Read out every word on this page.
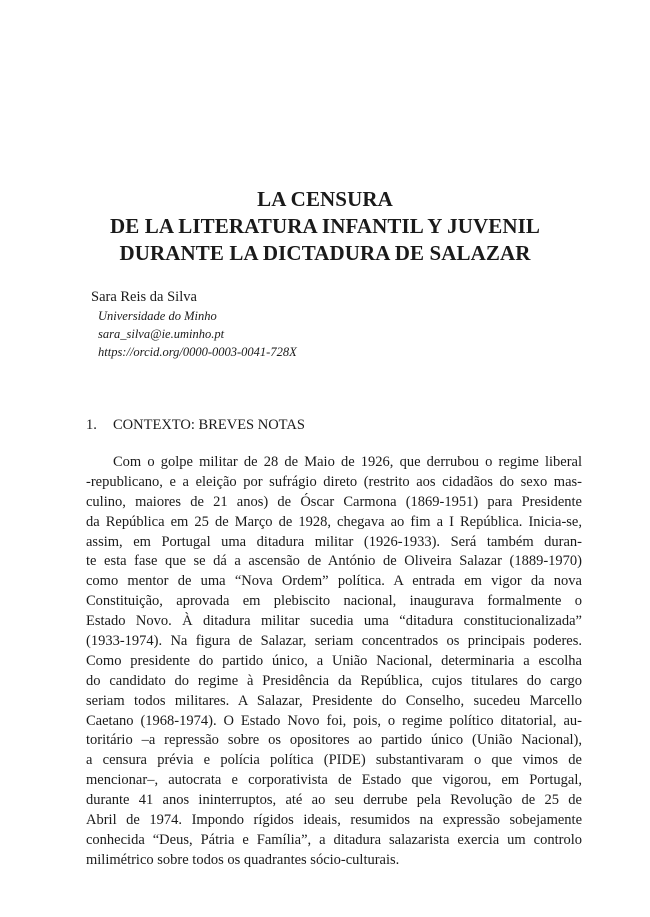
LA CENSURA
DE LA LITERATURA INFANTIL Y JUVENIL
DURANTE LA DICTADURA DE SALAZAR

Sara Reis da Silva

Universidade do Minho
sara_silva@ie.uminho.pt
https://orcid.org/0000-0003-0041-728X
1. CONTEXTO: BREVES NOTAS
Com o golpe militar de 28 de Maio de 1926, que derrubou o regime liberal
-republicano, e a eleição por sufrágio direto (restrito aos cidadãos do sexo mas-
culino, maiores de 21 anos) de Óscar Carmona (1869-1951) para Presidente
da República em 25 de Março de 1928, chegava ao fim a I República. Inicia-se,
assim, em Portugal uma ditadura militar (1926-1933). Será também duran-
te esta fase que se dá a ascensão de António de Oliveira Salazar (1889-1970)
como mentor de uma “Nova Ordem” política. A entrada em vigor da nova
Constituição, aprovada em plebiscito nacional, inaugurava formalmente o
Estado Novo. À ditadura militar sucedia uma “ditadura constitucionalizada”
(1933-1974). Na figura de Salazar, seriam concentrados os principais poderes.
Como presidente do partido único, a União Nacional, determinaria a escolha
do candidato do regime à Presidência da República, cujos titulares do cargo
seriam todos militares. A Salazar, Presidente do Conselho, sucedeu Marcello
Caetano (1968-1974). O Estado Novo foi, pois, o regime político ditatorial, au-
toritário –a repressão sobre os opositores ao partido único (União Nacional),
a censura prévia e polícia política (PIDE) substantivaram o que vimos de
mencionar–, autocrata e corporativista de Estado que vigorou, em Portugal,
durante 41 anos ininterruptos, até ao seu derrube pela Revolução de 25 de
Abril de 1974. Impondo rígidos ideais, resumidos na expressão sobejamente
conhecida “Deus, Pátria e Família”, a ditadura salazarista exercia um controlo
milimétrico sobre todos os quadrantes sócio-culturais.
